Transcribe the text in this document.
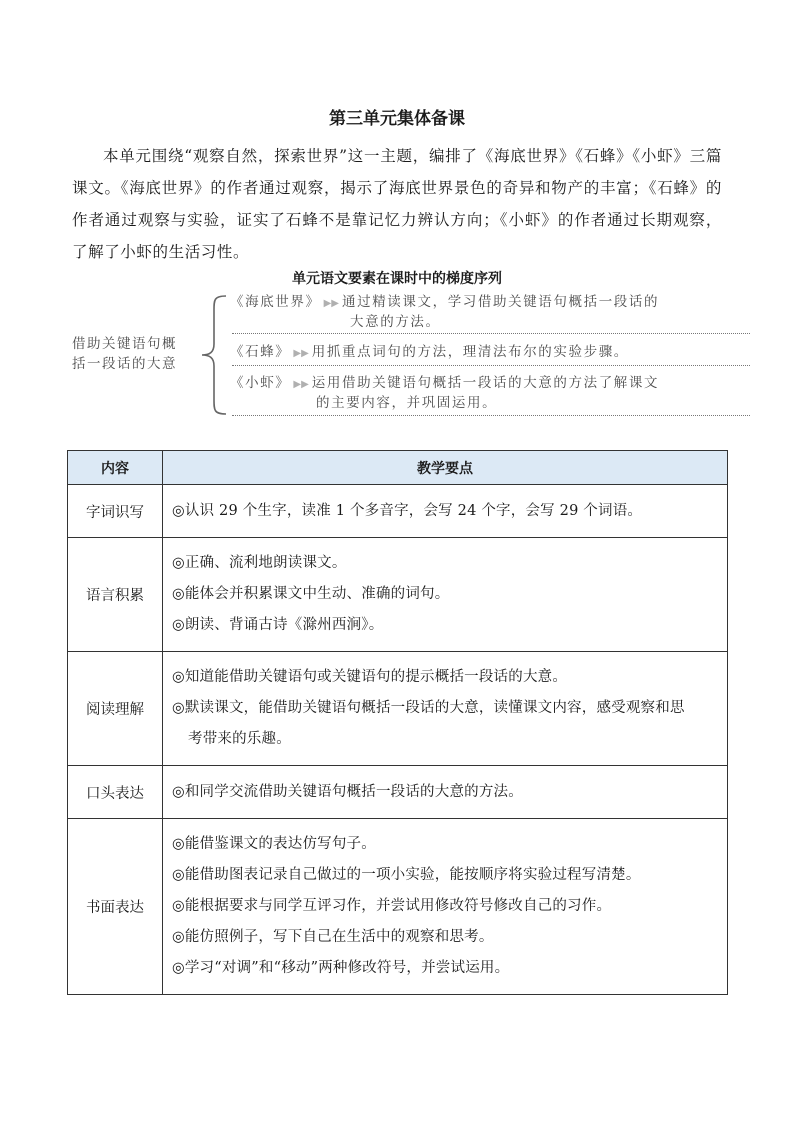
第三单元集体备课

本单元围绕“观察自然，探索世界”这一主题，编排了《海底世界》《石蜂》《小虾》三篇课文。《海底世界》的作者通过观察，揭示了海底世界景色的奇异和物产的丰富；《石蜂》的作者通过观察与实验，证实了石蜂不是靠记忆力辨认方向；《小虾》的作者通过长期观察，了解了小虾的生活习性。

单元语文要素在课时中的梯度序列
借助关键语句概
括一段话的大意
《海底世界》 ▶▶ 通过精读课文，学习借助关键语句概括一段话的
大意的方法。
《石蜂》 ▶▶ 用抓重点词句的方法，理清法布尔的实验步骤。
《小虾》 ▶▶ 运用借助关键语句概括一段话的大意的方法了解课文
的主要内容，并巩固运用。
内容	教学要点
字词识写	◎认识 29 个生字，读准 1 个多音字，会写 24 个字，会写 29 个词语。

语言积累	◎正确、流利地朗读课文。
◎能体会并积累课文中生动、准确的词句。
◎朗读、背诵古诗《滁州西涧》。

阅读理解	◎知道能借助关键语句或关键语句的提示概括一段话的大意。
◎默读课文，能借助关键语句概括一段话的大意，读懂课文内容，感受观察和思
考带来的乐趣。

口头表达	◎和同学交流借助关键语句概括一段话的大意的方法。

书面表达	◎能借鉴课文的表达仿写句子。
◎能借助图表记录自己做过的一项小实验，能按顺序将实验过程写清楚。
◎能根据要求与同学互评习作，并尝试用修改符号修改自己的习作。
◎能仿照例子，写下自己在生活中的观察和思考。
◎学习“对调”和“移动”两种修改符号，并尝试运用。
